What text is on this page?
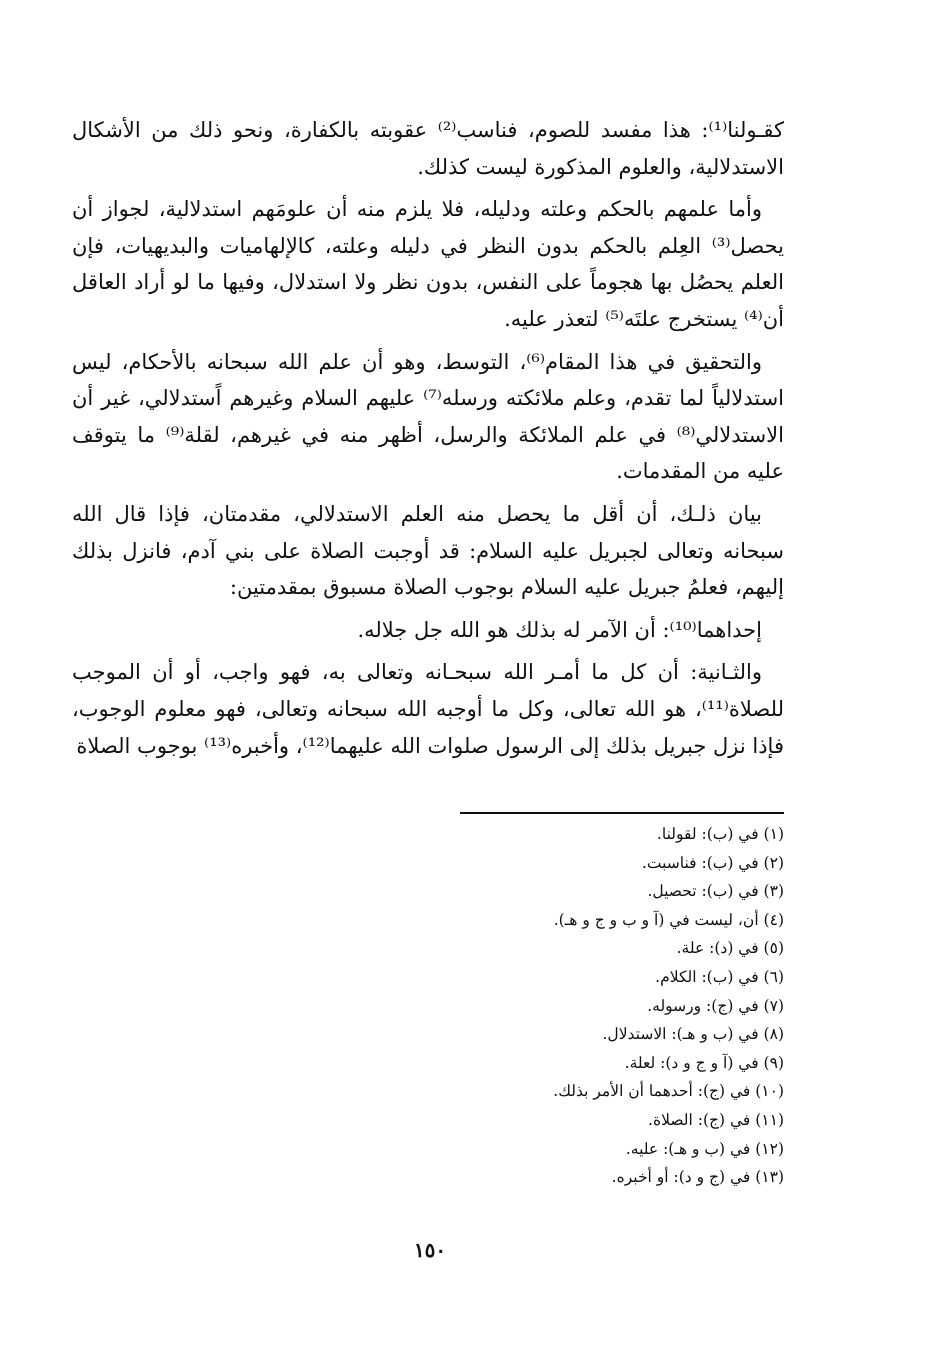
كقـولنا⁽¹⁾: هذا مفسد للصوم، فناسب⁽²⁾ عقوبته بالكفارة، ونحو ذلك من الأشكال الاستدلالية، والعلوم المذكورة ليست كذلك.

وأما علمهم بالحكم وعلته ودليله، فلا يلزم منه أن علومَهم استدلالية، لجواز أن يحصل⁽³⁾ العِلم بالحكم بدون النظر في دليله وعلته، كالإلهاميات والبديهيات، فإن العلم يحصُل بها هجوماً على النفس، بدون نظر ولا استدلال، وفيها ما لو أراد العاقل أن⁽⁴⁾ يستخرج علتَه⁽⁵⁾ لتعذر عليه.

والتحقيق في هذا المقام⁽⁶⁾، التوسط، وهو أن علم الله سبحانه بالأحكام، ليس استدلالياً لما تقدم، وعلم ملائكته ورسله⁽⁷⁾ عليهم السلام وغيرهم اًستدلالي، غير أن الاستدلالي⁽⁸⁾ في علم الملائكة والرسل، أظهر منه في غيرهم، لقلة⁽⁹⁾ ما يتوقف عليه من المقدمات.

بيان ذلـك، أن أقل ما يحصل منه العلم الاستدلالي، مقدمتان، فإذا قال الله سبحانه وتعالى لجبريل عليه السلام: قد أوجبت الصلاة على بني آدم، فانزل بذلك إليهم، فعلمُ جبريل عليه السلام بوجوب الصلاة مسبوق بمقدمتين:

إحداهما⁽¹⁰⁾: أن الآمر له بذلك هو الله جل جلاله.

والثـانية: أن كل ما أمـر الله سبحـانه وتعالى به، فهو واجب، أو أن الموجب للصلاة⁽¹¹⁾، هو الله تعالى، وكل ما أوجبه الله سبحانه وتعالى، فهو معلوم الوجوب، فإذا نزل جبريل بذلك إلى الرسول صلوات الله عليهما⁽¹²⁾، وأخبره⁽¹³⁾ بوجوب الصلاة

(١) في (ب): لقولنا.
(٢) في (ب): فناسبت.
(٣) في (ب): تحصيل.
(٤) أن، ليست في (آ و ب و ج و هـ).
(٥) في (د): علة.
(٦) في (ب): الكلام.
(٧) في (ج): ورسوله.
(٨) في (ب و هـ): الاستدلال.
(٩) في (آ و ج و د): لعلة.
(١٠) في (ج): أحدهما أن الأمر بذلك.
(١١) في (ج): الصلاة.
(١٢) في (ب و هـ): عليه.
(١٣) في (ج و د): أو أخبره.
١٥٠
